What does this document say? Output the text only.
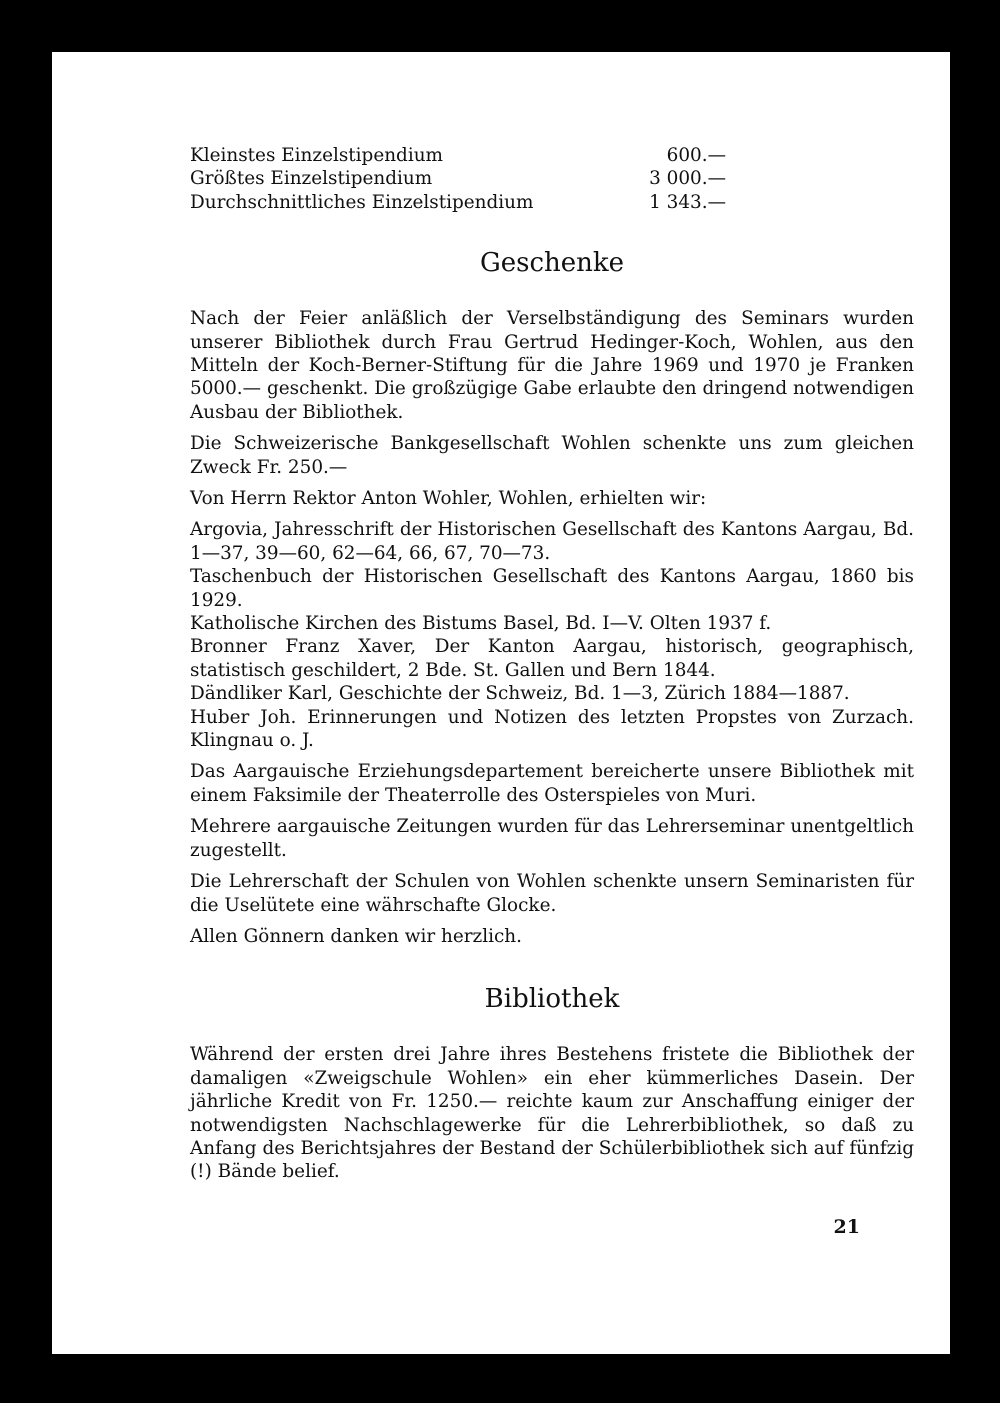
Kleinstes Einzelstipendium	600.—
Größtes Einzelstipendium	3 000.—
Durchschnittliches Einzelstipendium	1 343.—
Geschenke

Nach der Feier anläßlich der Verselbständigung des Seminars wurden unserer Bibliothek durch Frau Gertrud Hedinger-Koch, Wohlen, aus den Mitteln der Koch-Berner-Stiftung für die Jahre 1969 und 1970 je Franken 5000.— geschenkt. Die großzügige Gabe erlaubte den dringend notwendigen Ausbau der Bibliothek.

Die Schweizerische Bankgesellschaft Wohlen schenkte uns zum gleichen Zweck Fr. 250.—

Von Herrn Rektor Anton Wohler, Wohlen, erhielten wir:

Argovia, Jahresschrift der Historischen Gesellschaft des Kantons Aargau, Bd. 1—37, 39—60, 62—64, 66, 67, 70—73.

Taschenbuch der Historischen Gesellschaft des Kantons Aargau, 1860 bis 1929.

Katholische Kirchen des Bistums Basel, Bd. I—V. Olten 1937 f.

Bronner Franz Xaver, Der Kanton Aargau, historisch, geographisch, statistisch geschildert, 2 Bde. St. Gallen und Bern 1844.

Dändliker Karl, Geschichte der Schweiz, Bd. 1—3, Zürich 1884—1887.

Huber Joh. Erinnerungen und Notizen des letzten Propstes von Zurzach. Klingnau o. J.

Das Aargauische Erziehungsdepartement bereicherte unsere Bibliothek mit einem Faksimile der Theaterrolle des Osterspieles von Muri.

Mehrere aargauische Zeitungen wurden für das Lehrerseminar unentgeltlich zugestellt.

Die Lehrerschaft der Schulen von Wohlen schenkte unsern Seminaristen für die Uselütete eine währschafte Glocke.

Allen Gönnern danken wir herzlich.

Bibliothek

Während der ersten drei Jahre ihres Bestehens fristete die Bibliothek der damaligen «Zweigschule Wohlen» ein eher kümmerliches Dasein. Der jährliche Kredit von Fr. 1250.— reichte kaum zur Anschaffung einiger der notwendigsten Nachschlagewerke für die Lehrerbibliothek, so daß zu Anfang des Berichtsjahres der Bestand der Schülerbibliothek sich auf fünfzig (!) Bände belief.

21
